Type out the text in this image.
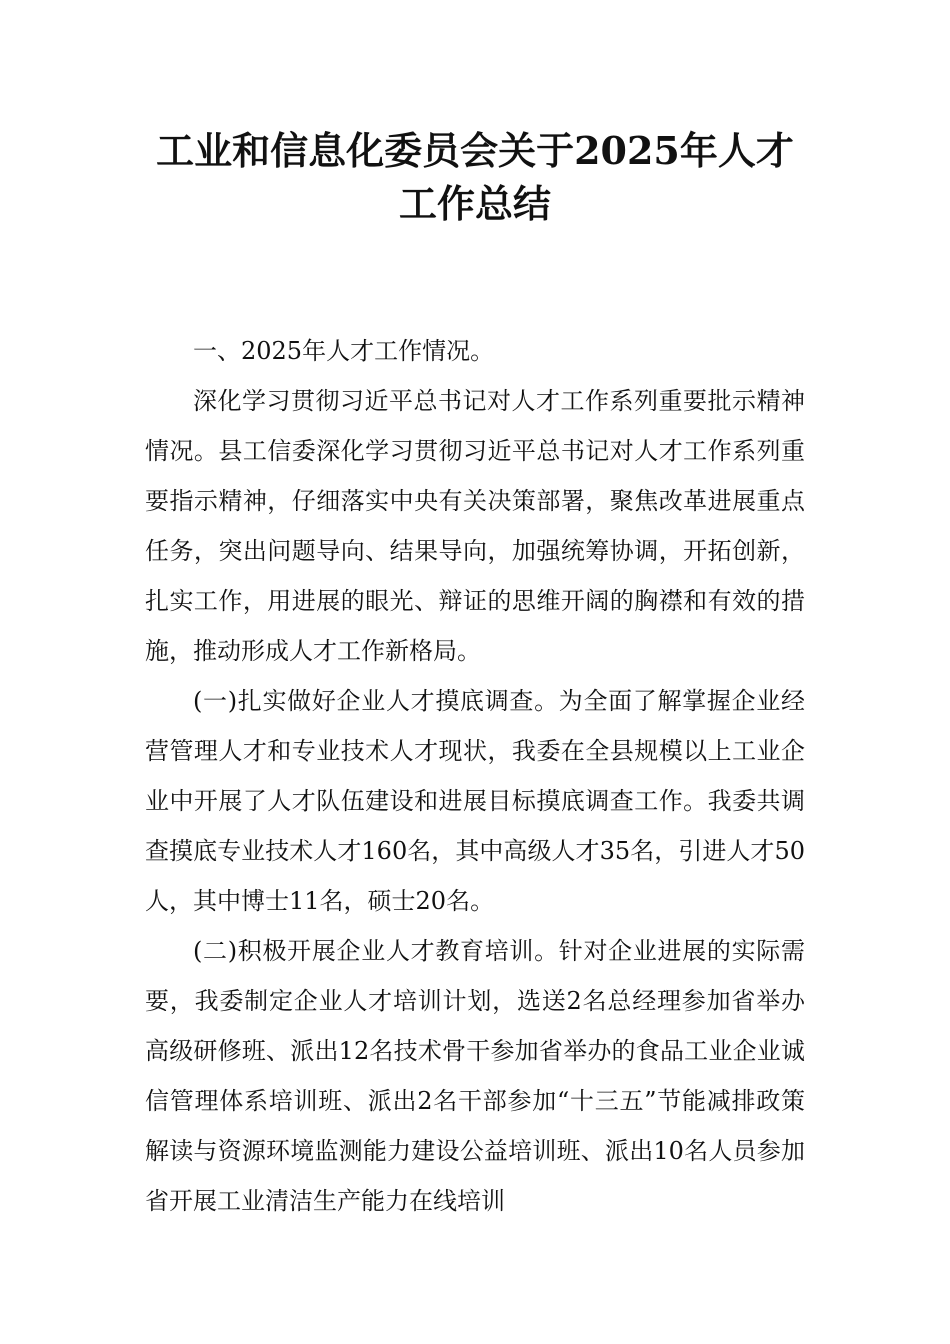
工业和信息化委员会关于2025年人才工作总结

一、2025年人才工作情况。

深化学习贯彻习近平总书记对人才工作系列重要批示精神情况。县工信委深化学习贯彻习近平总书记对人才工作系列重要指示精神，仔细落实中央有关决策部署，聚焦改革进展重点任务，突出问题导向、结果导向，加强统筹协调，开拓创新，扎实工作，用进展的眼光、辩证的思维开阔的胸襟和有效的措施，推动形成人才工作新格局。

(一)扎实做好企业人才摸底调查。为全面了解掌握企业经营管理人才和专业技术人才现状，我委在全县规模以上工业企业中开展了人才队伍建设和进展目标摸底调查工作。我委共调查摸底专业技术人才160名，其中高级人才35名，引进人才50人，其中博士11名，硕士20名。

(二)积极开展企业人才教育培训。针对企业进展的实际需要，我委制定企业人才培训计划，选送2名总经理参加省举办高级研修班、派出12名技术骨干参加省举办的食品工业企业诚信管理体系培训班、派出2名干部参加“十三五”节能减排政策解读与资源环境监测能力建设公益培训班、派出10名人员参加省开展工业清洁生产能力在线培训
